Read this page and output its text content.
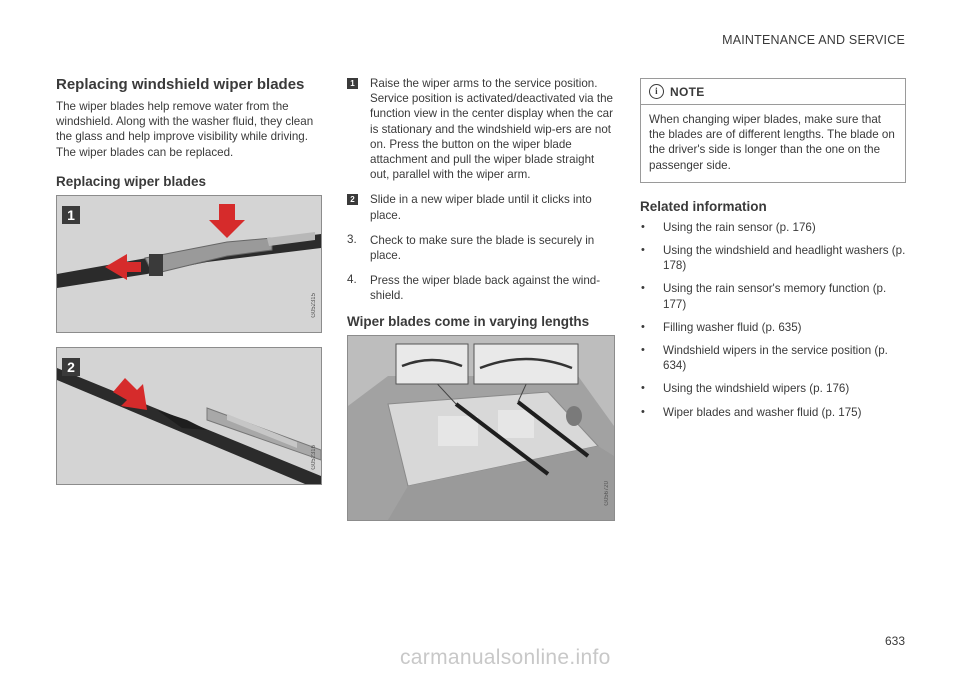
MAINTENANCE AND SERVICE
Replacing windshield wiper blades

The wiper blades help remove water from the windshield. Along with the washer fluid, they clean the glass and help improve visibility while driving. The wiper blades can be replaced.

Replacing wiper blades
1
G052315
2
G052316
1 Raise the wiper arms to the service position. Service position is activated/deactivated via the function view in the center display when the car is stationary and the windshield wip-ers are not on. Press the button on the wiper blade attachment and pull the wiper blade straight out, parallel with the wiper arm.

2 Slide in a new wiper blade until it clicks into place.

3. Check to make sure the blade is securely in place.

4. Press the wiper blade back against the wind-shield.

Wiper blades come in varying lengths
G056720
i	NOTE

When changing wiper blades, make sure that the blades are of different lengths. The blade on the driver's side is longer than the one on the passenger side.

Related information
• Using the rain sensor (p. 176)
• Using the windshield and headlight washers (p. 178)
• Using the rain sensor's memory function (p. 177)
• Filling washer fluid (p. 635)
• Windshield wipers in the service position (p. 634)
• Using the windshield wipers (p. 176)
• Wiper blades and washer fluid (p. 175)
633
carmanualsonline.info
